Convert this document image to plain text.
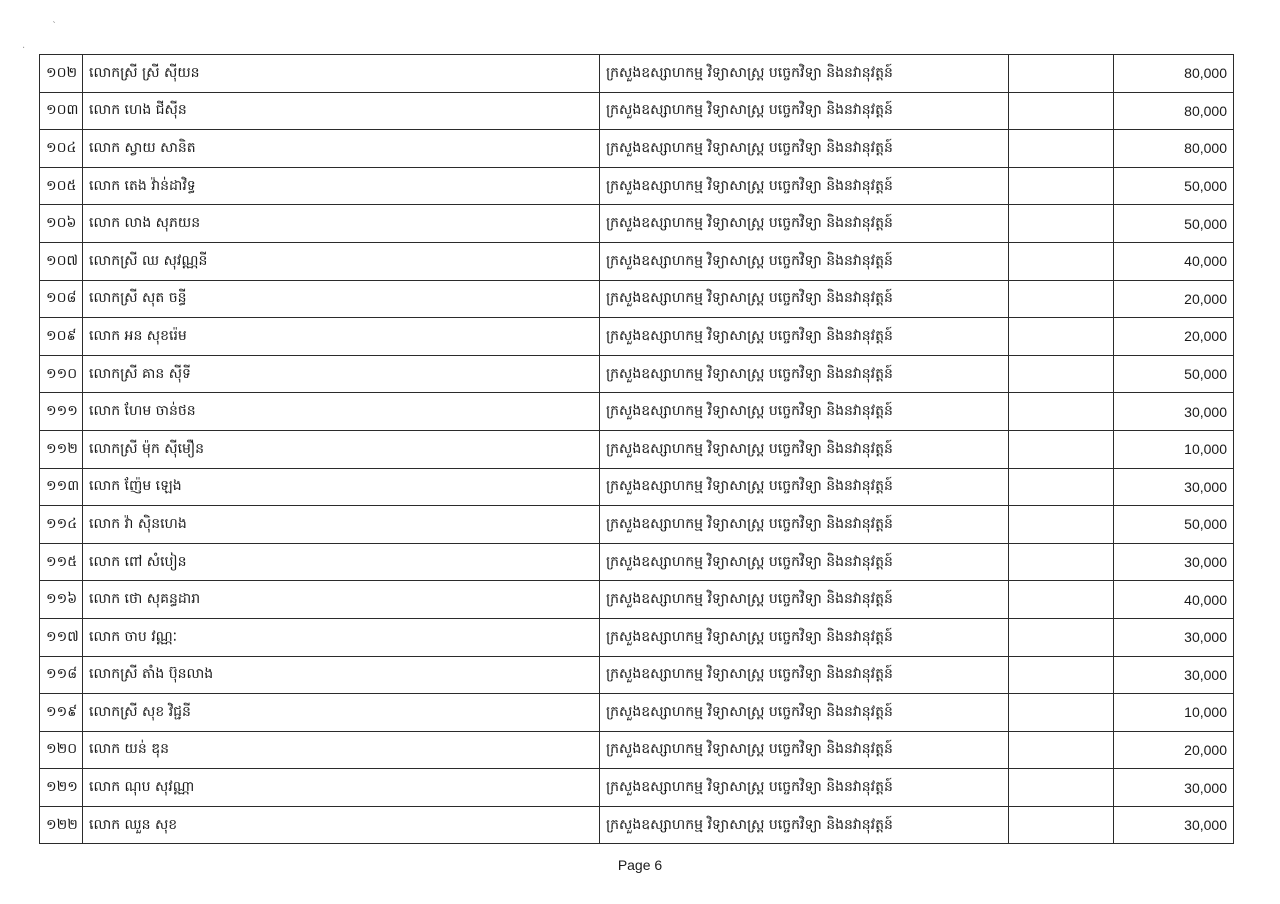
`
·
១០២	លោកស្រី ស្រី ស៊ីយន	ក្រសួងឧស្សាហកម្ម វិទ្យាសាស្ត្រ បច្ចេកវិទ្យា និងនវានុវត្តន៍		80,000
១០៣	លោក ហេង ជីស៊ីន	ក្រសួងឧស្សាហកម្ម វិទ្យាសាស្ត្រ បច្ចេកវិទ្យា និងនវានុវត្តន៍		80,000
១០៤	លោក ស្វាយ សានិត	ក្រសួងឧស្សាហកម្ម វិទ្យាសាស្ត្រ បច្ចេកវិទ្យា និងនវានុវត្តន៍		80,000
១០៥	លោក តេង វ៉ាន់ដាវិទ្ធ	ក្រសួងឧស្សាហកម្ម វិទ្យាសាស្ត្រ បច្ចេកវិទ្យា និងនវានុវត្តន៍		50,000
១០៦	លោក លាង សុភយន	ក្រសួងឧស្សាហកម្ម វិទ្យាសាស្ត្រ បច្ចេកវិទ្យា និងនវានុវត្តន៍		50,000
១០៧	លោកស្រី ឈ សុវណ្ណនី	ក្រសួងឧស្សាហកម្ម វិទ្យាសាស្ត្រ បច្ចេកវិទ្យា និងនវានុវត្តន៍		40,000
១០៨	លោកស្រី សុត ចន្ធី	ក្រសួងឧស្សាហកម្ម វិទ្យាសាស្ត្រ បច្ចេកវិទ្យា និងនវានុវត្តន៍		20,000
១០៩	លោក អន សុខរ៉េម	ក្រសួងឧស្សាហកម្ម វិទ្យាសាស្ត្រ បច្ចេកវិទ្យា និងនវានុវត្តន៍		20,000
១១០	លោកស្រី គាន ស៊ីទី	ក្រសួងឧស្សាហកម្ម វិទ្យាសាស្ត្រ បច្ចេកវិទ្យា និងនវានុវត្តន៍		50,000
១១១	លោក ហែម ចាន់ថន	ក្រសួងឧស្សាហកម្ម វិទ្យាសាស្ត្រ បច្ចេកវិទ្យា និងនវានុវត្តន៍		30,000
១១២	លោកស្រី ម៉ុក ស៊ីមឿន	ក្រសួងឧស្សាហកម្ម វិទ្យាសាស្ត្រ បច្ចេកវិទ្យា និងនវានុវត្តន៍		10,000
១១៣	លោក ញ៉ែម ឡេង	ក្រសួងឧស្សាហកម្ម វិទ្យាសាស្ត្រ បច្ចេកវិទ្យា និងនវានុវត្តន៍		30,000
១១៤	លោក វ៉ា ស៊ិនហេង	ក្រសួងឧស្សាហកម្ម វិទ្យាសាស្ត្រ បច្ចេកវិទ្យា និងនវានុវត្តន៍		50,000
១១៥	លោក ពៅ សំបៀន	ក្រសួងឧស្សាហកម្ម វិទ្យាសាស្ត្រ បច្ចេកវិទ្យា និងនវានុវត្តន៍		30,000
១១៦	លោក ថោ សុគន្ធដារា	ក្រសួងឧស្សាហកម្ម វិទ្យាសាស្ត្រ បច្ចេកវិទ្យា និងនវានុវត្តន៍		40,000
១១៧	លោក ចាប វណ្ណៈ	ក្រសួងឧស្សាហកម្ម វិទ្យាសាស្ត្រ បច្ចេកវិទ្យា និងនវានុវត្តន៍		30,000
១១៨	លោកស្រី តាំង ប៊ុនលាង	ក្រសួងឧស្សាហកម្ម វិទ្យាសាស្ត្រ បច្ចេកវិទ្យា និងនវានុវត្តន៍		30,000
១១៩	លោកស្រី សុខ វិជ្ជនី	ក្រសួងឧស្សាហកម្ម វិទ្យាសាស្ត្រ បច្ចេកវិទ្យា និងនវានុវត្តន៍		10,000
១២០	លោក យន់ ឌុន	ក្រសួងឧស្សាហកម្ម វិទ្យាសាស្ត្រ បច្ចេកវិទ្យា និងនវានុវត្តន៍		20,000
១២១	លោក ណុប សុវណ្ណា	ក្រសួងឧស្សាហកម្ម វិទ្យាសាស្ត្រ បច្ចេកវិទ្យា និងនវានុវត្តន៍		30,000
១២២	លោក ឈួន សុខ	ក្រសួងឧស្សាហកម្ម វិទ្យាសាស្ត្រ បច្ចេកវិទ្យា និងនវានុវត្តន៍		30,000
Page 6
